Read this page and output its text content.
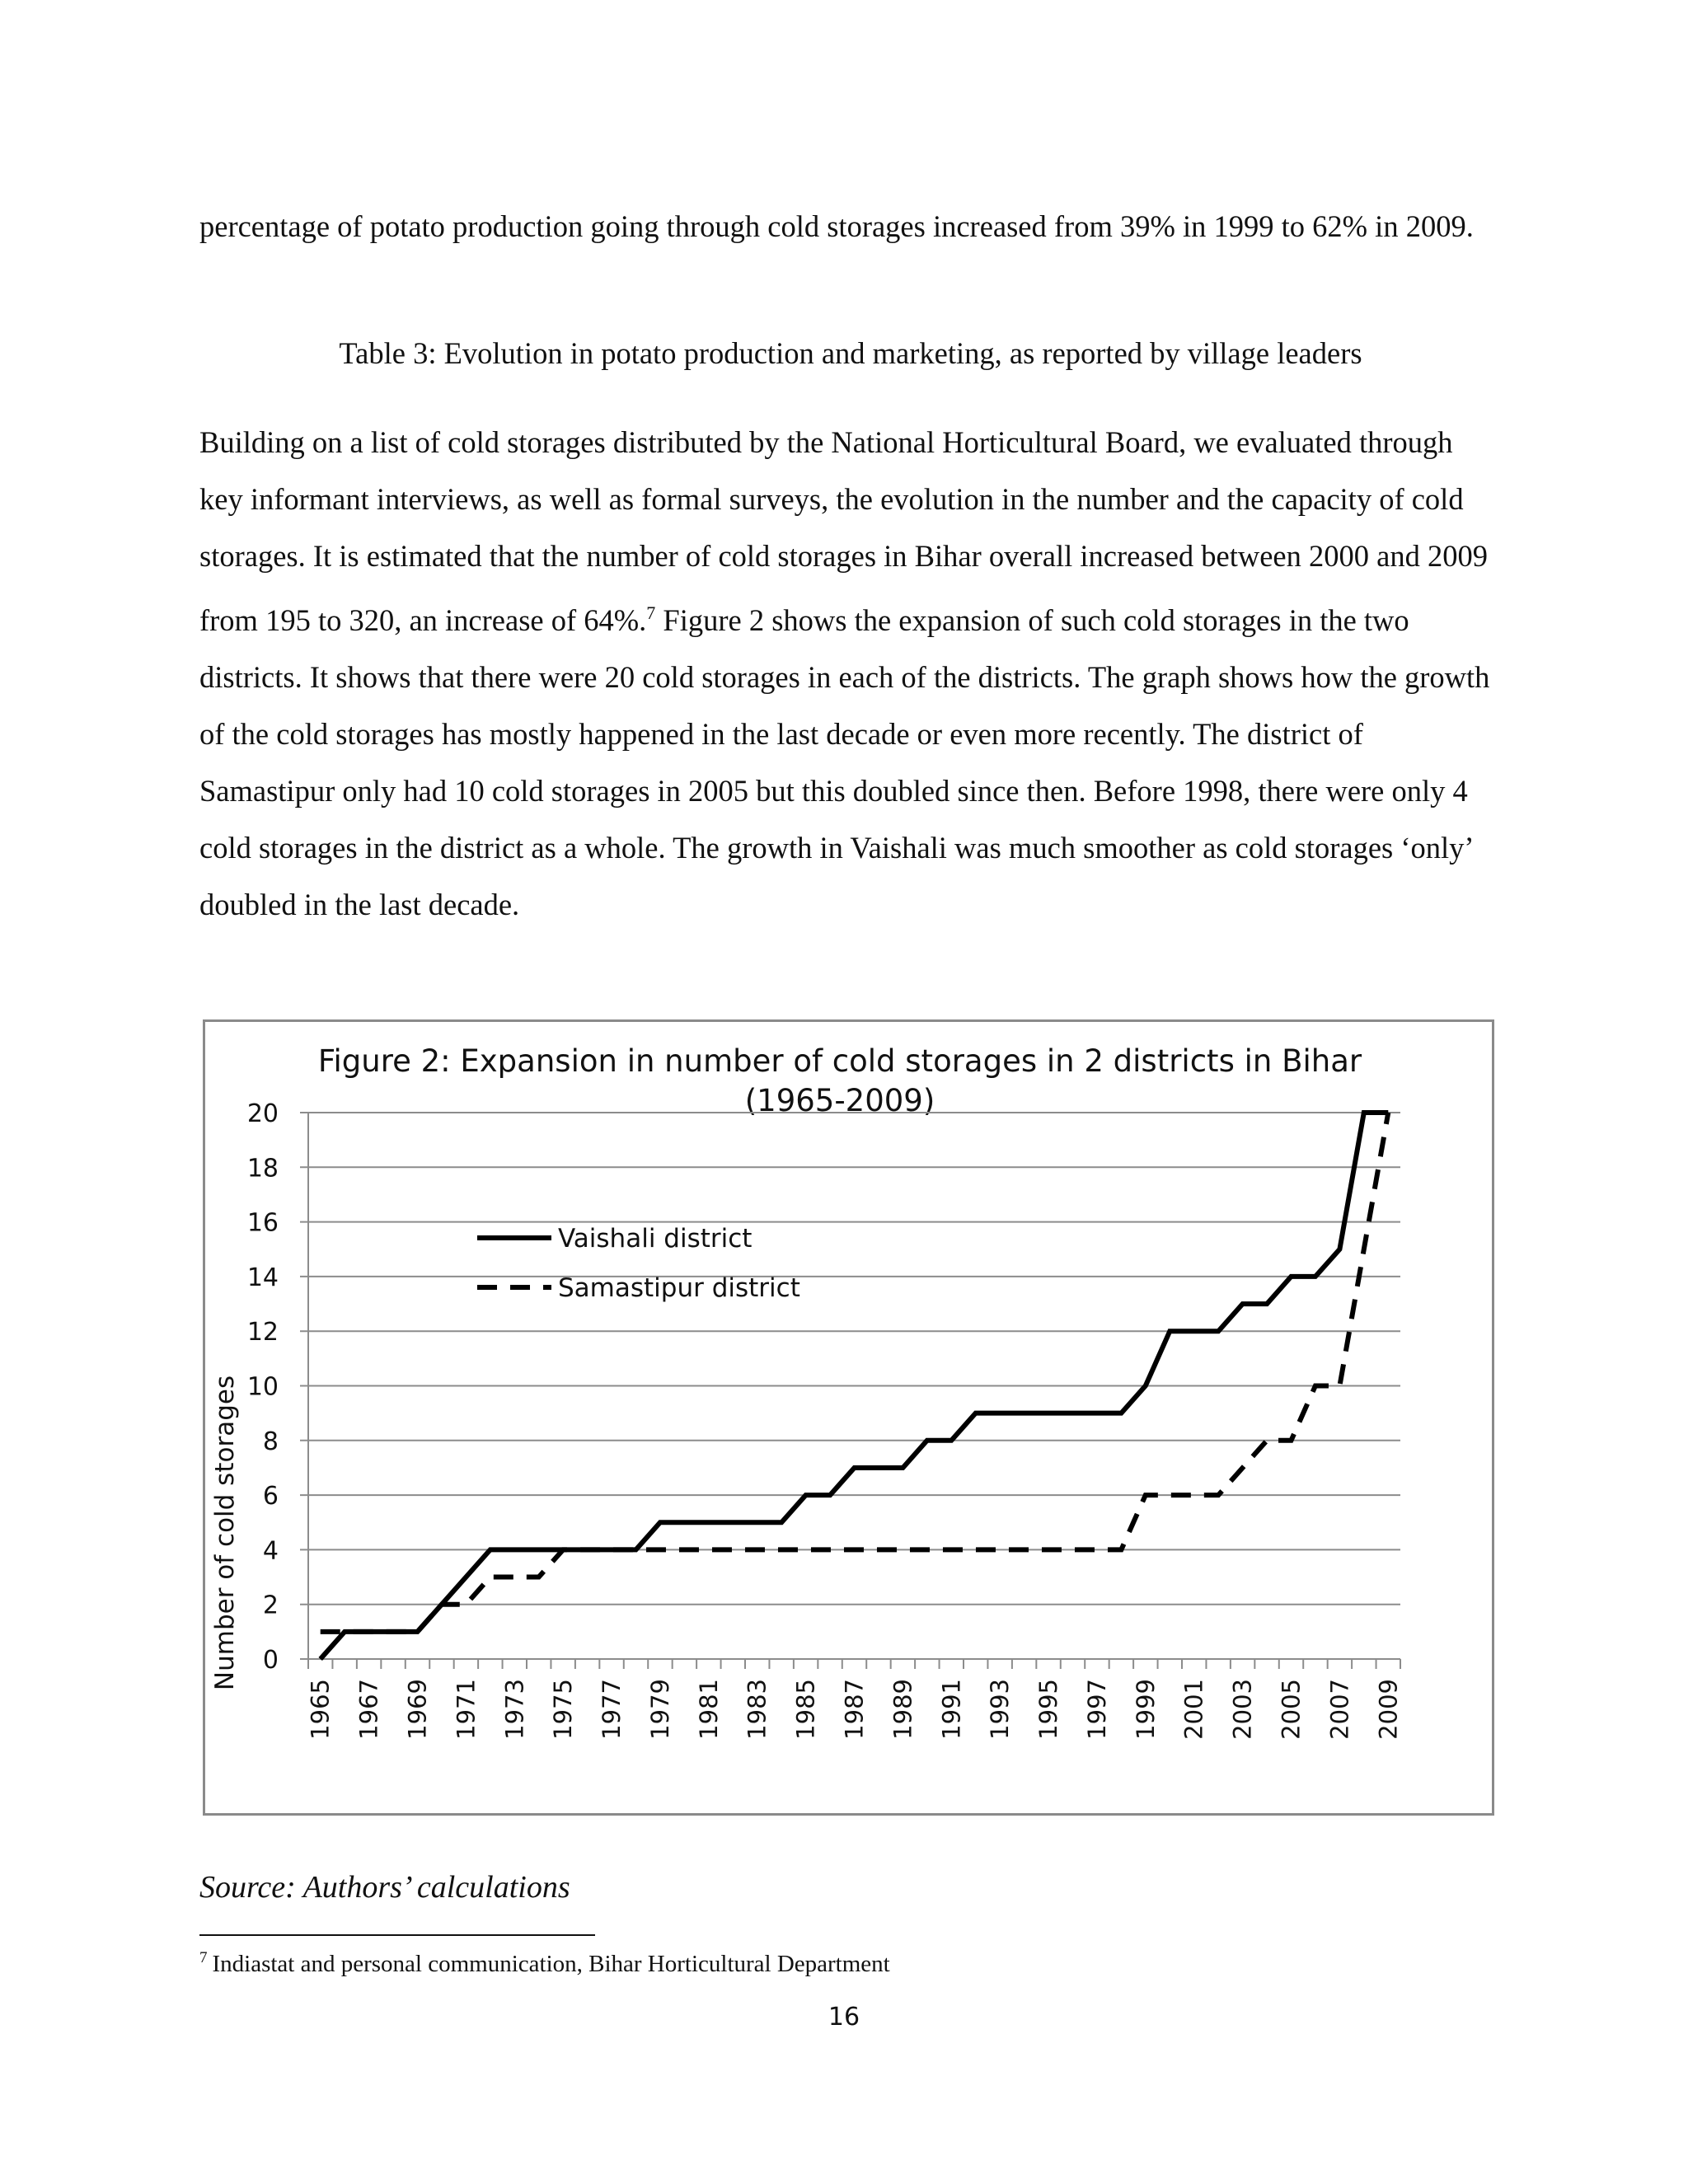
percentage of potato production going through cold storages increased from 39% in 1999 to 62% in 2009.

Table 3: Evolution in potato production and marketing, as reported by village leaders

Building on a list of cold storages distributed by the National Horticultural Board, we evaluated through key informant interviews, as well as formal surveys, the evolution in the number and the capacity of cold storages. It is estimated that the number of cold storages in Bihar overall increased between 2000 and 2009 from 195 to 320, an increase of 64%.$^7$ Figure 2 shows the expansion of such cold storages in the two districts. It shows that there were 20 cold storages in each of the districts. The graph shows how the growth of the cold storages has mostly happened in the last decade or even more recently. The district of Samastipur only had 10 cold storages in 2005 but this doubled since then. Before 1998, there were only 4 cold storages in the district as a whole. The growth in Vaishali was much smoother as cold storages ‘only’ doubled in the last decade.

Figure 2: Expansion in number of cold storages in 2 districts in Bihar
(1965-2009)
Number of cold storages 0
2
4
6
8
10
12
14
16
18
20
1965 1967 1969 1971 1973 1975 1977 1979 1981 1983 1985 1987 1989 1991 1993 1995 1997 1999 2001 2003 2005 2007 2009
Vaishali district
Samastipur district
Source: Authors’ calculations
$^7$ Indiastat and personal communication, Bihar Horticultural Department
16
